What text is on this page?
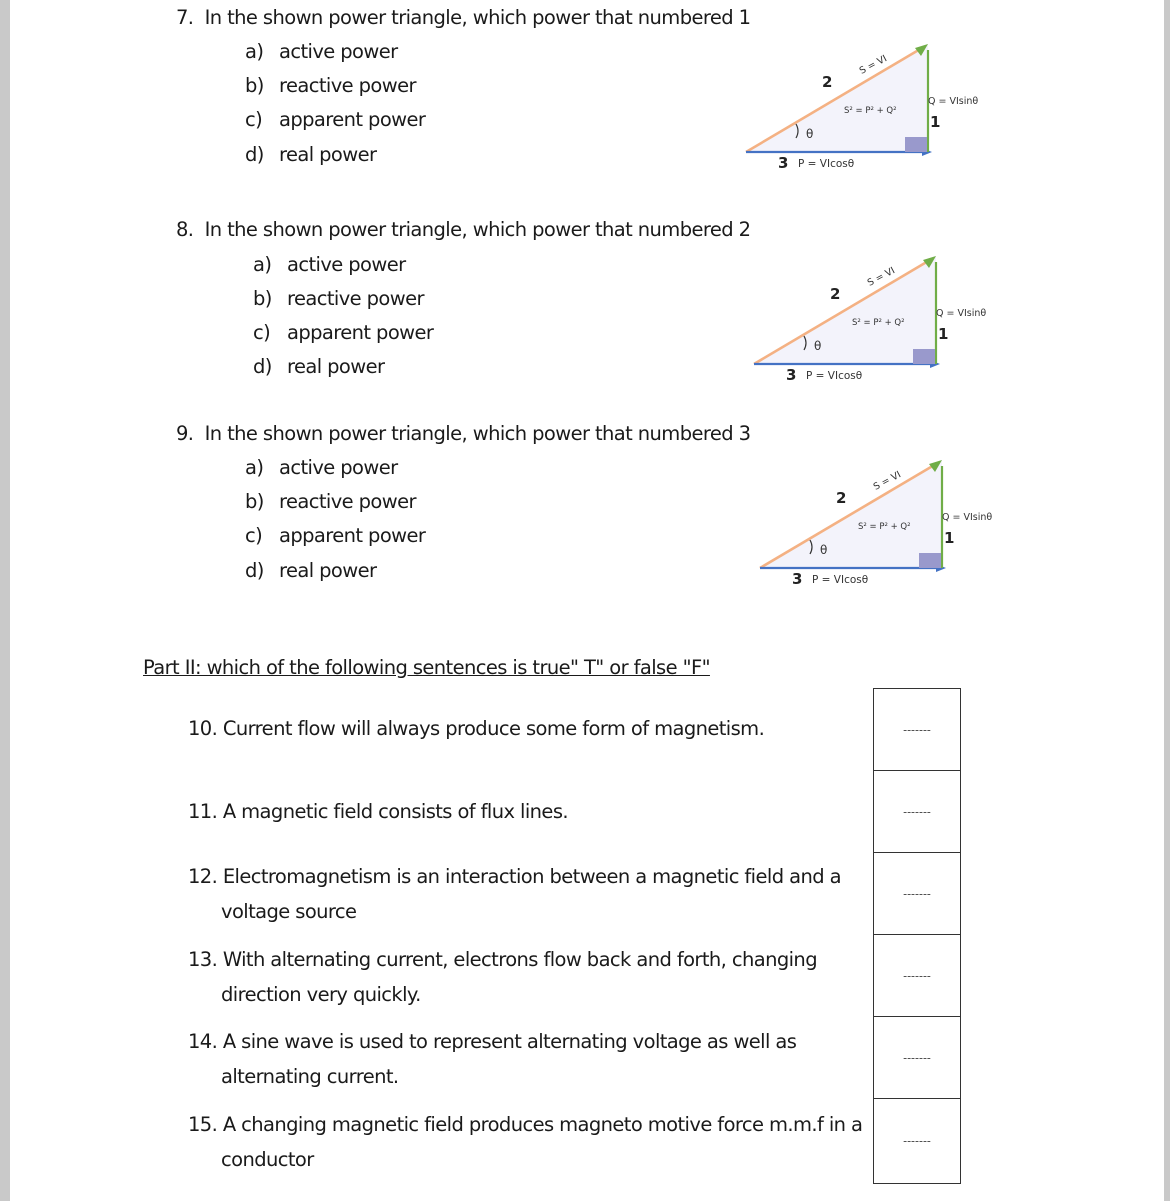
7. In the shown power triangle, which power that numbered 1
a) active power
b) reactive power
c) apparent power
d) real power
8. In the shown power triangle, which power that numbered 2
a) active power
b) reactive power
c) apparent power
d) real power
9. In the shown power triangle, which power that numbered 3
a) active power
b) reactive power
c) apparent power
d) real power
θ
2
1
3 P = VIcosθ
Q = VIsinθ
S² = P² + Q²
S = VI
θ
2
1
3 P = VIcosθ
Q = VIsinθ
S² = P² + Q²
S = VI
θ
2
1
3 P = VIcosθ
Q = VIsinθ
S² = P² + Q²
S = VI
Part II: which of the following sentences is true" T" or false "F"
10. Current flow will always produce some form of magnetism.
11. A magnetic field consists of flux lines.
12. Electromagnetism is an interaction between a magnetic field and a
voltage source
13. With alternating current, electrons flow back and forth, changing
direction very quickly.
14. A sine wave is used to represent alternating voltage as well as
alternating current.
15. A changing magnetic field produces magneto motive force m.m.f in a
conductor
-------
-------
-------
-------
-------
-------
